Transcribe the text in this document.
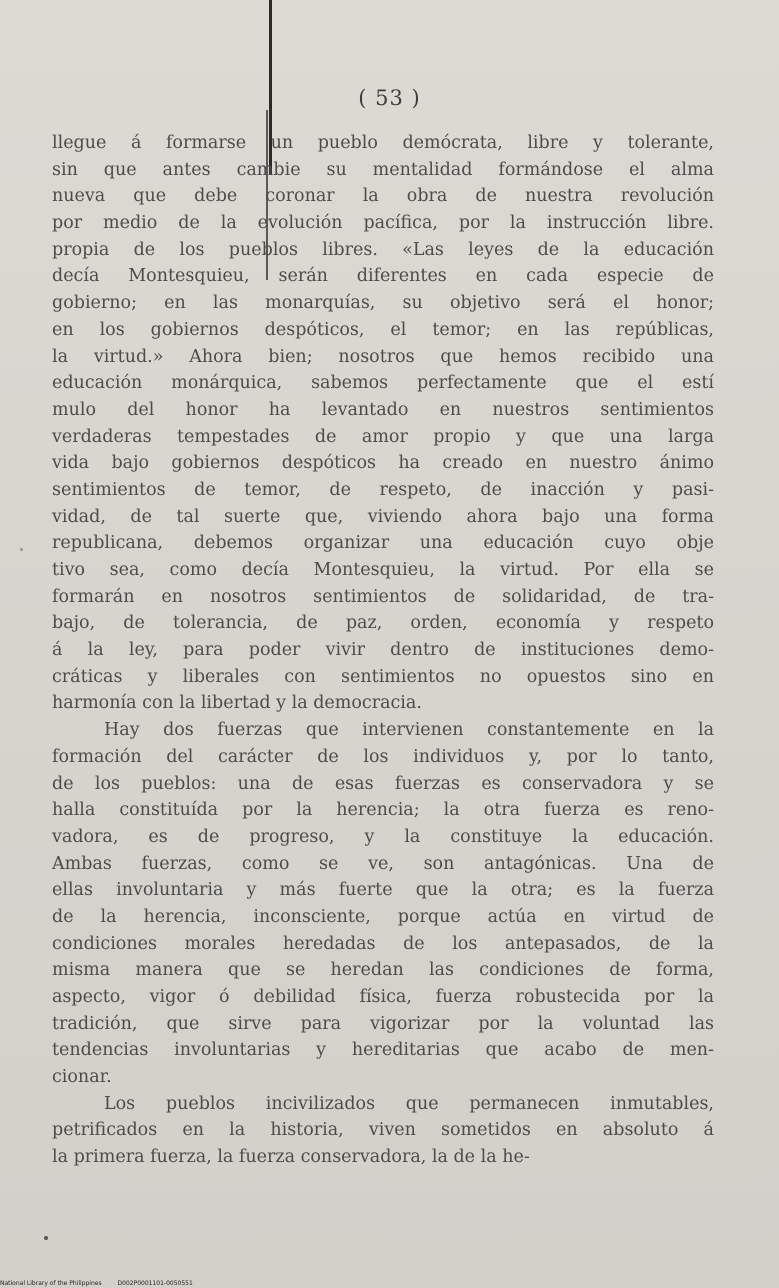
( 53 )
llegue á formarse un pueblo demócrata, libre y tolerante,
sin que antes cambie su mentalidad formándose el alma
nueva que debe coronar la obra de nuestra revolución
por medio de la evolución pacífica, por la instrucción libre.
propia de los pueblos libres. «Las leyes de la educación
decía Montesquieu, serán diferentes en cada especie de
gobierno; en las monarquías, su objetivo será el honor;
en los gobiernos despóticos, el temor; en las repúblicas,
la virtud.» Ahora bien; nosotros que hemos recibido una
educación monárquica, sabemos perfectamente que el estí
mulo del honor ha levantado en nuestros sentimientos
verdaderas tempestades de amor propio y que una larga
vida bajo gobiernos despóticos ha creado en nuestro ánimo
sentimientos de temor, de respeto, de inacción y pasi-
vidad, de tal suerte que, viviendo ahora bajo una forma
republicana, debemos organizar una educación cuyo obje
tivo sea, como decía Montesquieu, la virtud. Por ella se
formarán en nosotros sentimientos de solidaridad, de tra-
bajo, de tolerancia, de paz, orden, economía y respeto
á la ley, para poder vivir dentro de instituciones demo-
cráticas y liberales con sentimientos no opuestos sino en
harmonía con la libertad y la democracia.
Hay dos fuerzas que intervienen constantemente en la
formación del carácter de los individuos y, por lo tanto,
de los pueblos: una de esas fuerzas es conservadora y se
halla constituída por la herencia; la otra fuerza es reno-
vadora, es de progreso, y la constituye la educación.
Ambas fuerzas, como se ve, son antagónicas. Una de
ellas involuntaria y más fuerte que la otra; es la fuerza
de la herencia, inconsciente, porque actúa en virtud de
condiciones morales heredadas de los antepasados, de la
misma manera que se heredan las condiciones de forma,
aspecto, vigor ó debilidad física, fuerza robustecida por la
tradición, que sirve para vigorizar por la voluntad las
tendencias involuntarias y hereditarias que acabo de men-
cionar.
Los pueblos incivilizados que permanecen inmutables,
petrificados en la historia, viven sometidos en absoluto á
la primera fuerza, la fuerza conservadora, la de la he-
National Library of the Philippines	D002P0001101-0050551
